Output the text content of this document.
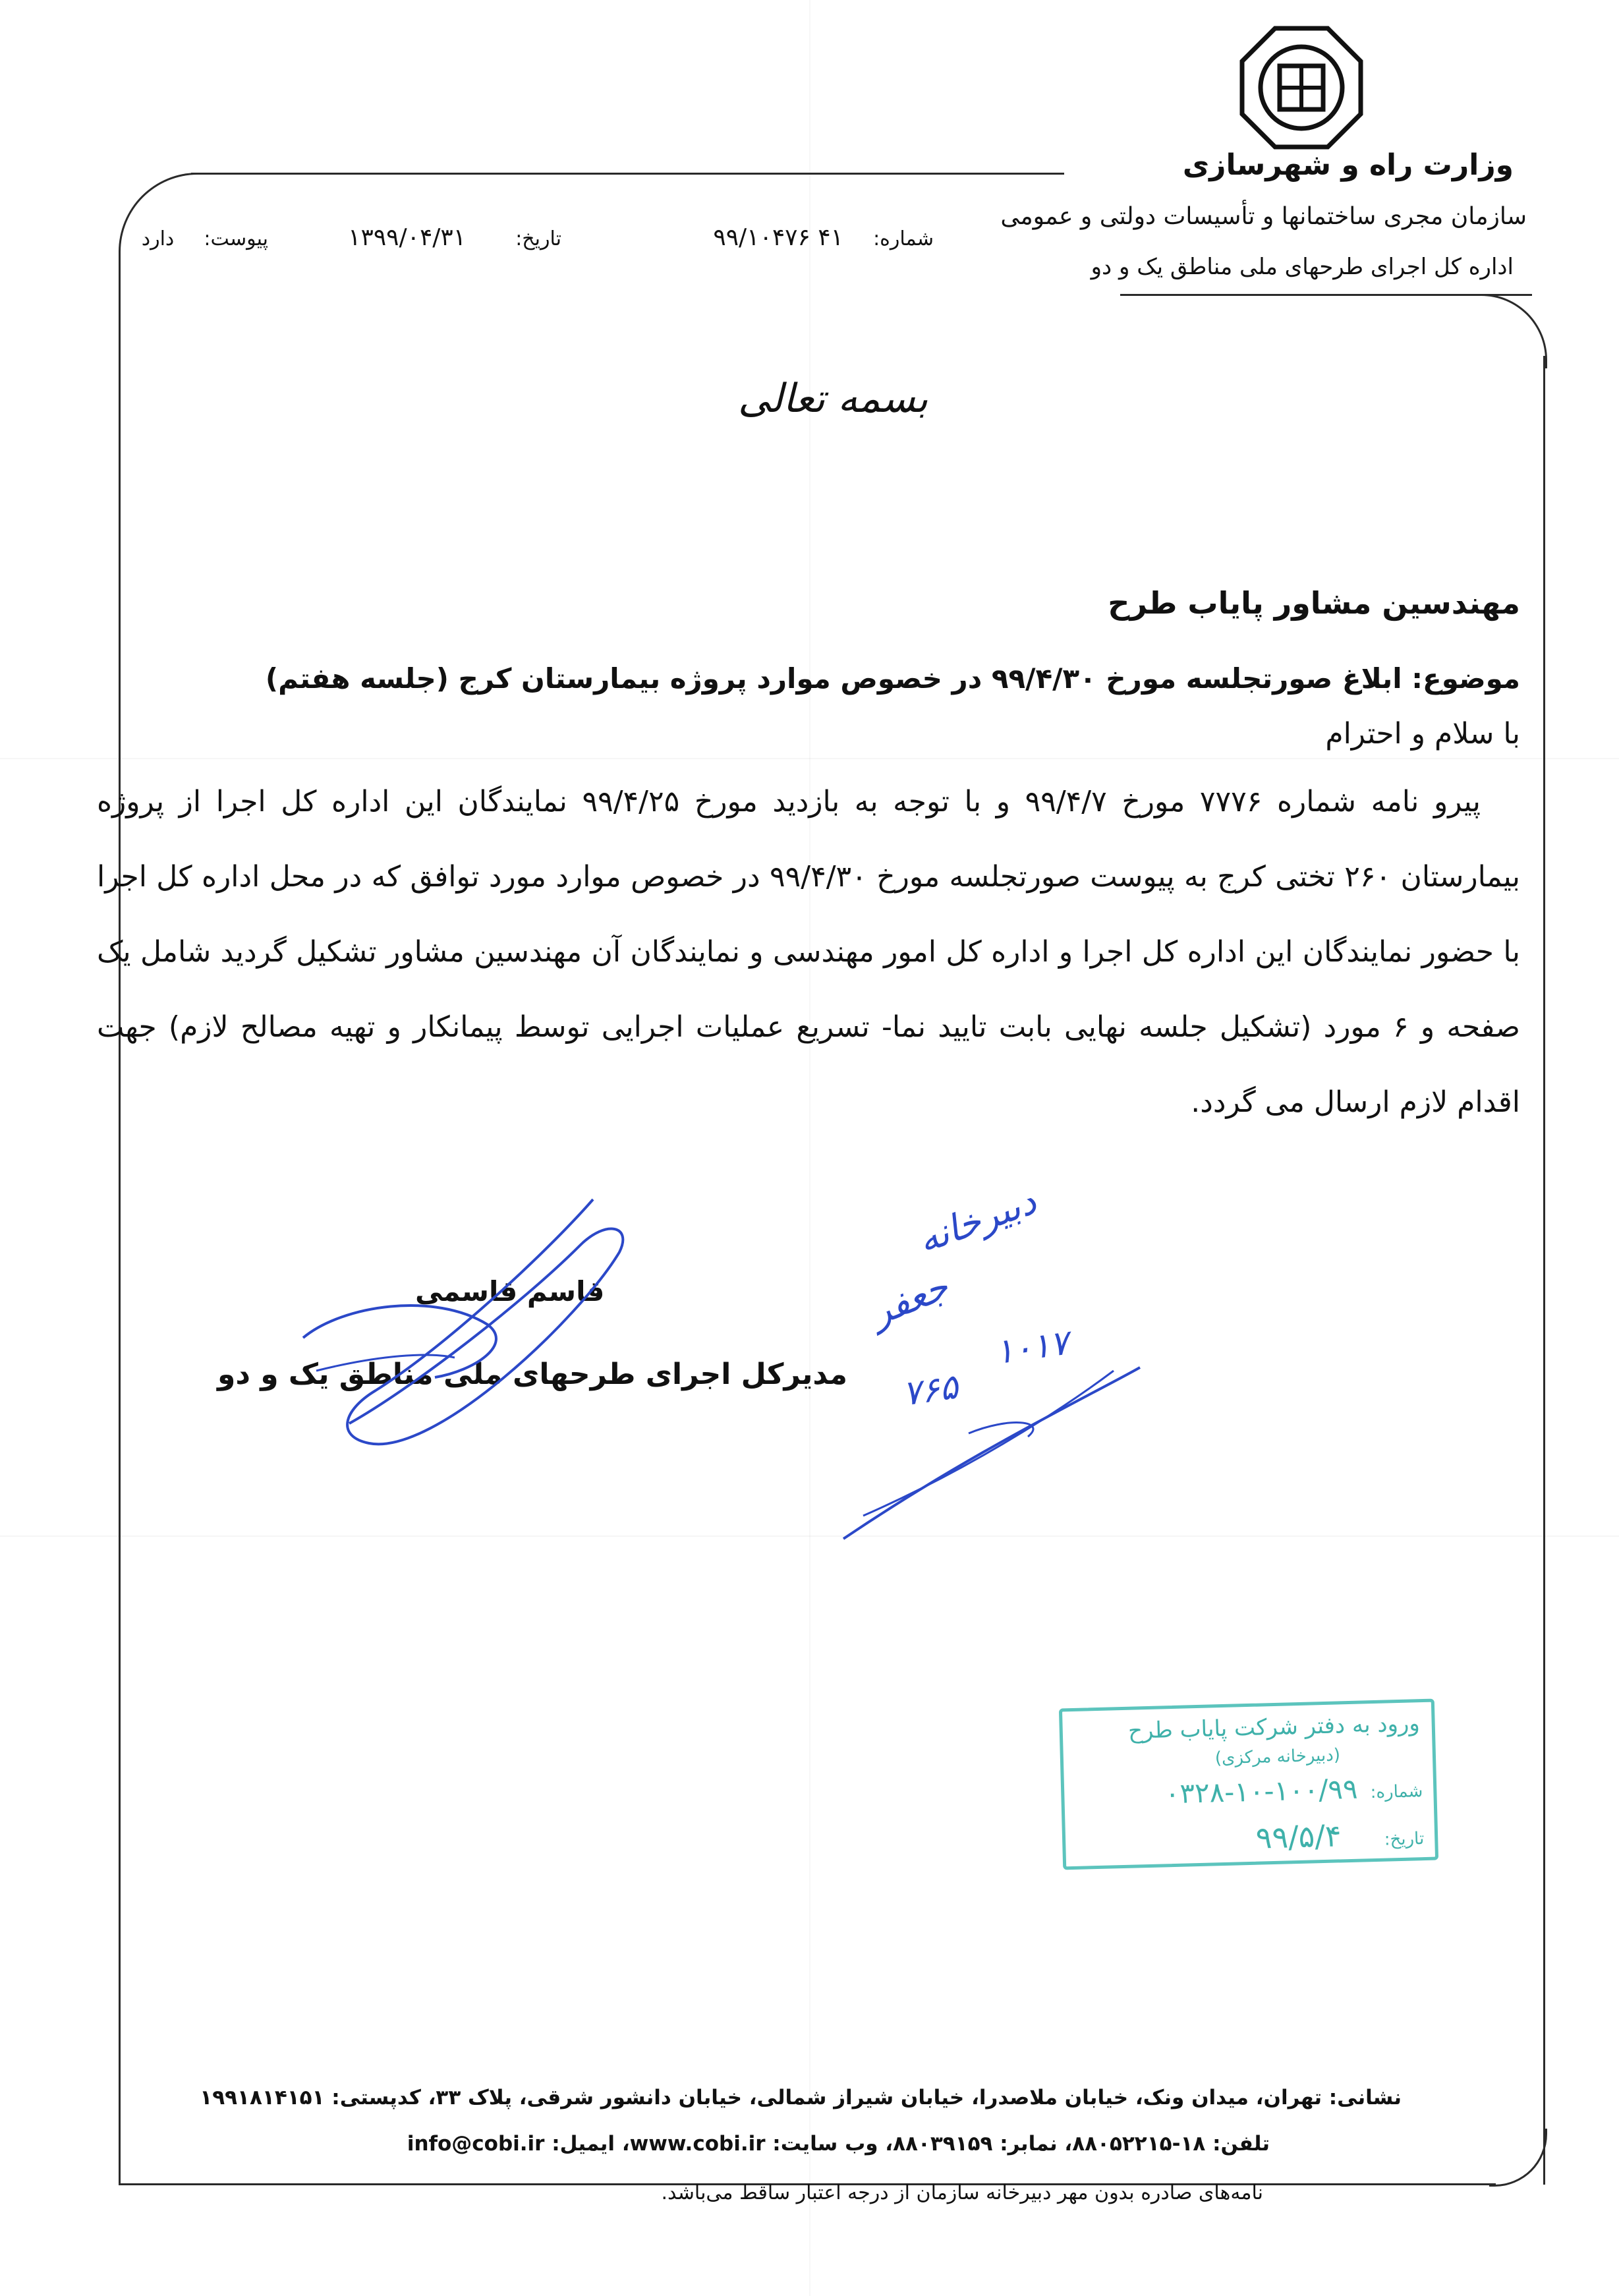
وزارت راه و شهرسازی
سازمان مجری ساختمانها و تأسیسات دولتی و عمومی
اداره کل اجرای طرحهای ملی مناطق یک و دو
شماره: ۴۱ ۹۹/۱۰۴۷۶
تاریخ: ۱۳۹۹/۰۴/۳۱
پیوست: دارد
بسمه تعالی
مهندسین مشاور پایاب طرح
موضوع: ابلاغ صورتجلسه مورخ ۹۹/۴/۳۰ در خصوص موارد پروژه بیمارستان کرج (جلسه هفتم)
با سلام و احترام
پیرو نامه شماره ۷۷۷۶ مورخ ۹۹/۴/۷ و با توجه به بازدید مورخ ۹۹/۴/۲۵ نمایندگان این اداره کل اجرا از پروژه بیمارستان ۲۶۰ تختی کرج به پیوست صورتجلسه مورخ ۹۹/۴/۳۰ در خصوص موارد مورد توافق که در محل اداره کل اجرا با حضور نمایندگان این اداره کل اجرا و اداره کل امور مهندسی و نمایندگان آن مهندسین مشاور تشکیل گردید شامل یک صفحه و ۶ مورد (تشکیل جلسه نهایی بابت تایید نما- تسریع عملیات اجرایی توسط پیمانکار و تهیه مصالح لازم) جهت اقدام لازم ارسال می گردد.
قاسم قاسمی
مدیرکل اجرای طرحهای ملی مناطق یک و دو
دبیرخانه
جعفر
۱۰۱۷
۷۶۵
ورود به دفتر شرکت پایاب طرح
(دبیرخانه مرکزی)
شماره: ۱۰۰/۹۹-۱۰-۰۳۲۸
تاریخ: ۹۹/۵/۴
نشانی: تهران، میدان ونک، خیابان ملاصدرا، خیابان شیراز شمالی، خیابان دانشور شرقی، پلاک ۳۳، کدپستی: ۱۹۹۱۸۱۴۱۵۱
تلفن: ۱۸-۸۸۰۵۲۲۱۵، نمابر: ۸۸۰۳۹۱۵۹، وب سایت: www.cobi.ir، ایمیل: info@cobi.ir
نامه‌های صادره بدون مهر دبیرخانه سازمان از درجه اعتبار ساقط می‌باشد.
